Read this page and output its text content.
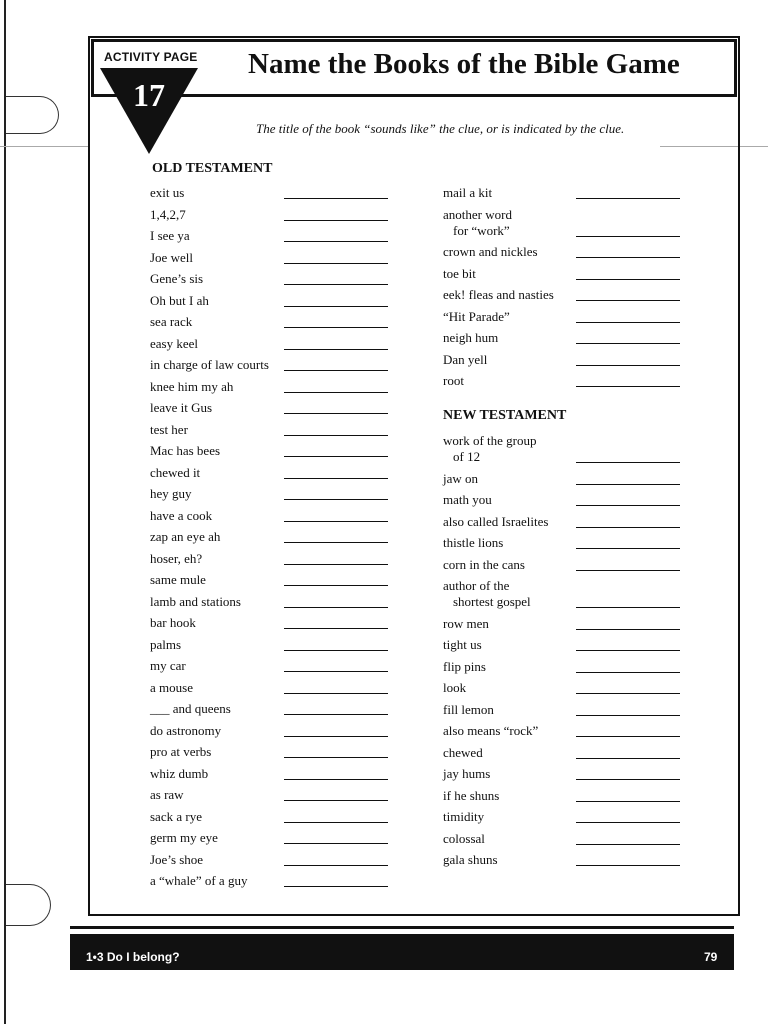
17
ACTIVITY PAGE Name the Books of the Bible Game
The title of the book “sounds like” the clue, or is indicated by the clue.
OLD TESTAMENT
exit us
1,4,2,7
I see ya
Joe well
Gene’s sis
Oh but I ah
sea rack
easy keel
in charge of law courts
knee him my ah
leave it Gus
test her
Mac has bees
chewed it
hey guy
have a cook
zap an eye ah
hoser, eh?
same mule
lamb and stations
bar hook
palms
my car
a mouse
___ and queens
do astronomy
pro at verbs
whiz dumb
as raw
sack a rye
germ my eye
Joe’s shoe
a “whale” of a guy
mail a kit
another word
for “work”
crown and nickles
toe bit
eek! fleas and nasties
“Hit Parade”
neigh hum
Dan yell
root
NEW TESTAMENT
work of the group
of 12
jaw on
math you
also called Israelites
thistle lions
corn in the cans
author of the
shortest gospel
row men
tight us
flip pins
look
fill lemon
also means “rock”
chewed
jay hums
if he shuns
timidity
colossal
gala shuns
1•3 Do I belong?	79
